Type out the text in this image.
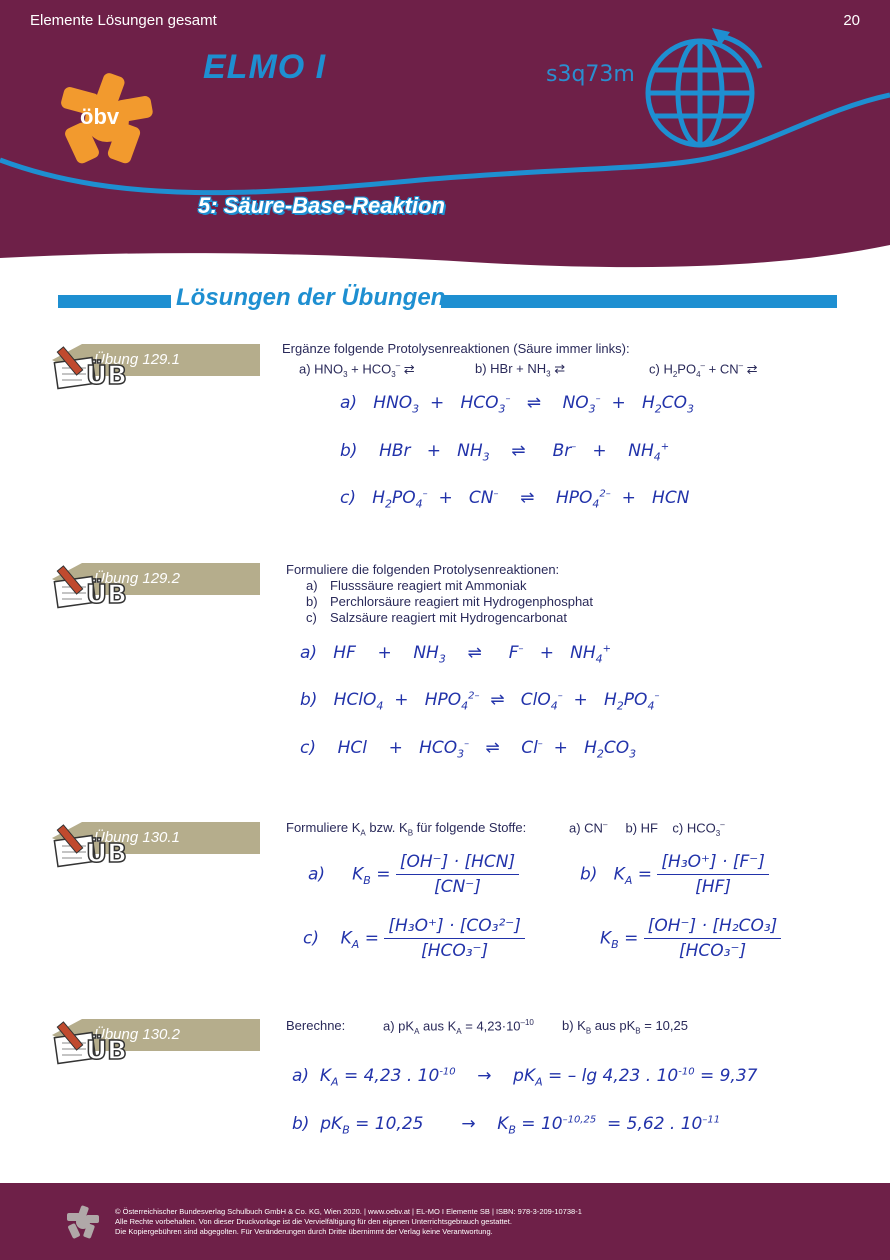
Elemente Lösungen gesamt	20
öbv
ELMO I	s3q73m
5: Säure-Base-Reaktion
Lösungen der Übungen
Übung 129.1
ÜB
Ergänze folgende Protolysenreaktionen (Säure immer links):
a) $HNO_3 + HCO_3^-$ ⇄	b) HBr + $NH_3$ ⇄	c) $H_2PO_4^- + CN^-$ ⇄
a) $HNO_3 + HCO_3^-$   ⇌    $NO_3^- + H_2CO_3$
b) HBr   +   $NH_3$    ⇌     Br–   +    $NH_4^+$
c) $H_2PO_4^- + CN^-$    ⇌    $HPO_4^{2-}$  +   HCN
Übung 129.2
ÜB
Formuliere die folgenden Protolysenreaktionen:
a) Flusssäure reagiert mit Ammoniak
b) Perchlorsäure reagiert mit Hydrogenphosphat
c) Salzsäure reagiert mit Hydrogencarbonat
a) HF    +    $NH_3$    ⇌     $F^- + NH_4^+$
b) HClO$_4$  +   $HPO_4^{2-}$  ⇌   $ClO_4^- + H_2PO_4^-$
c) HCl    +   $HCO_3^-$   ⇌    $Cl^- + H_2CO_3$
Übung 130.1
ÜB
Formuliere $K_A$ bzw. $K_B$ für folgende Stoffe:	a) CN– b) HF c) $HCO_3^-$
a) $K_B = \frac{\text{[OH⁻] · [HCN]}}{[CN^-]}$	b) $K_A = \frac{\text{[H₃O⁺] · [F⁻]}}{[HF]}$
c) $K_A = \frac{\text{[H₃O⁺] · [CO₃²⁻]}}{\text{[HCO₃⁻]}}$	$K_B = \frac{\text{[OH⁻] · [H₂CO₃]}}{\text{[HCO₃⁻]}}$
Übung 130.2
ÜB
Berechne:	a) $pK_A$ aus $K_A = 4,23\cdot 10^{-10}$ b) $K_B$ aus $pK_B = 10,25$
a) $K_A = 4,23$ . $10^{-10} \to pK_A$ = – lg 4,23 . $10^{-10} = 9,37$
b) $pK_B = 10,25 \to K_B = 10^{-10,25} = 5,62$ . $10^{-11}$
© Österreichischer Bundesverlag Schulbuch GmbH & Co. KG, Wien 2020. | www.oebv.at | EL-MO I Elemente SB | ISBN: 978-3-209-10738-1
Alle Rechte vorbehalten. Von dieser Druckvorlage ist die Vervielfältigung für den eigenen Unterrichtsgebrauch gestattet.
Die Kopiergebühren sind abgegolten. Für Veränderungen durch Dritte übernimmt der Verlag keine Verantwortung.
